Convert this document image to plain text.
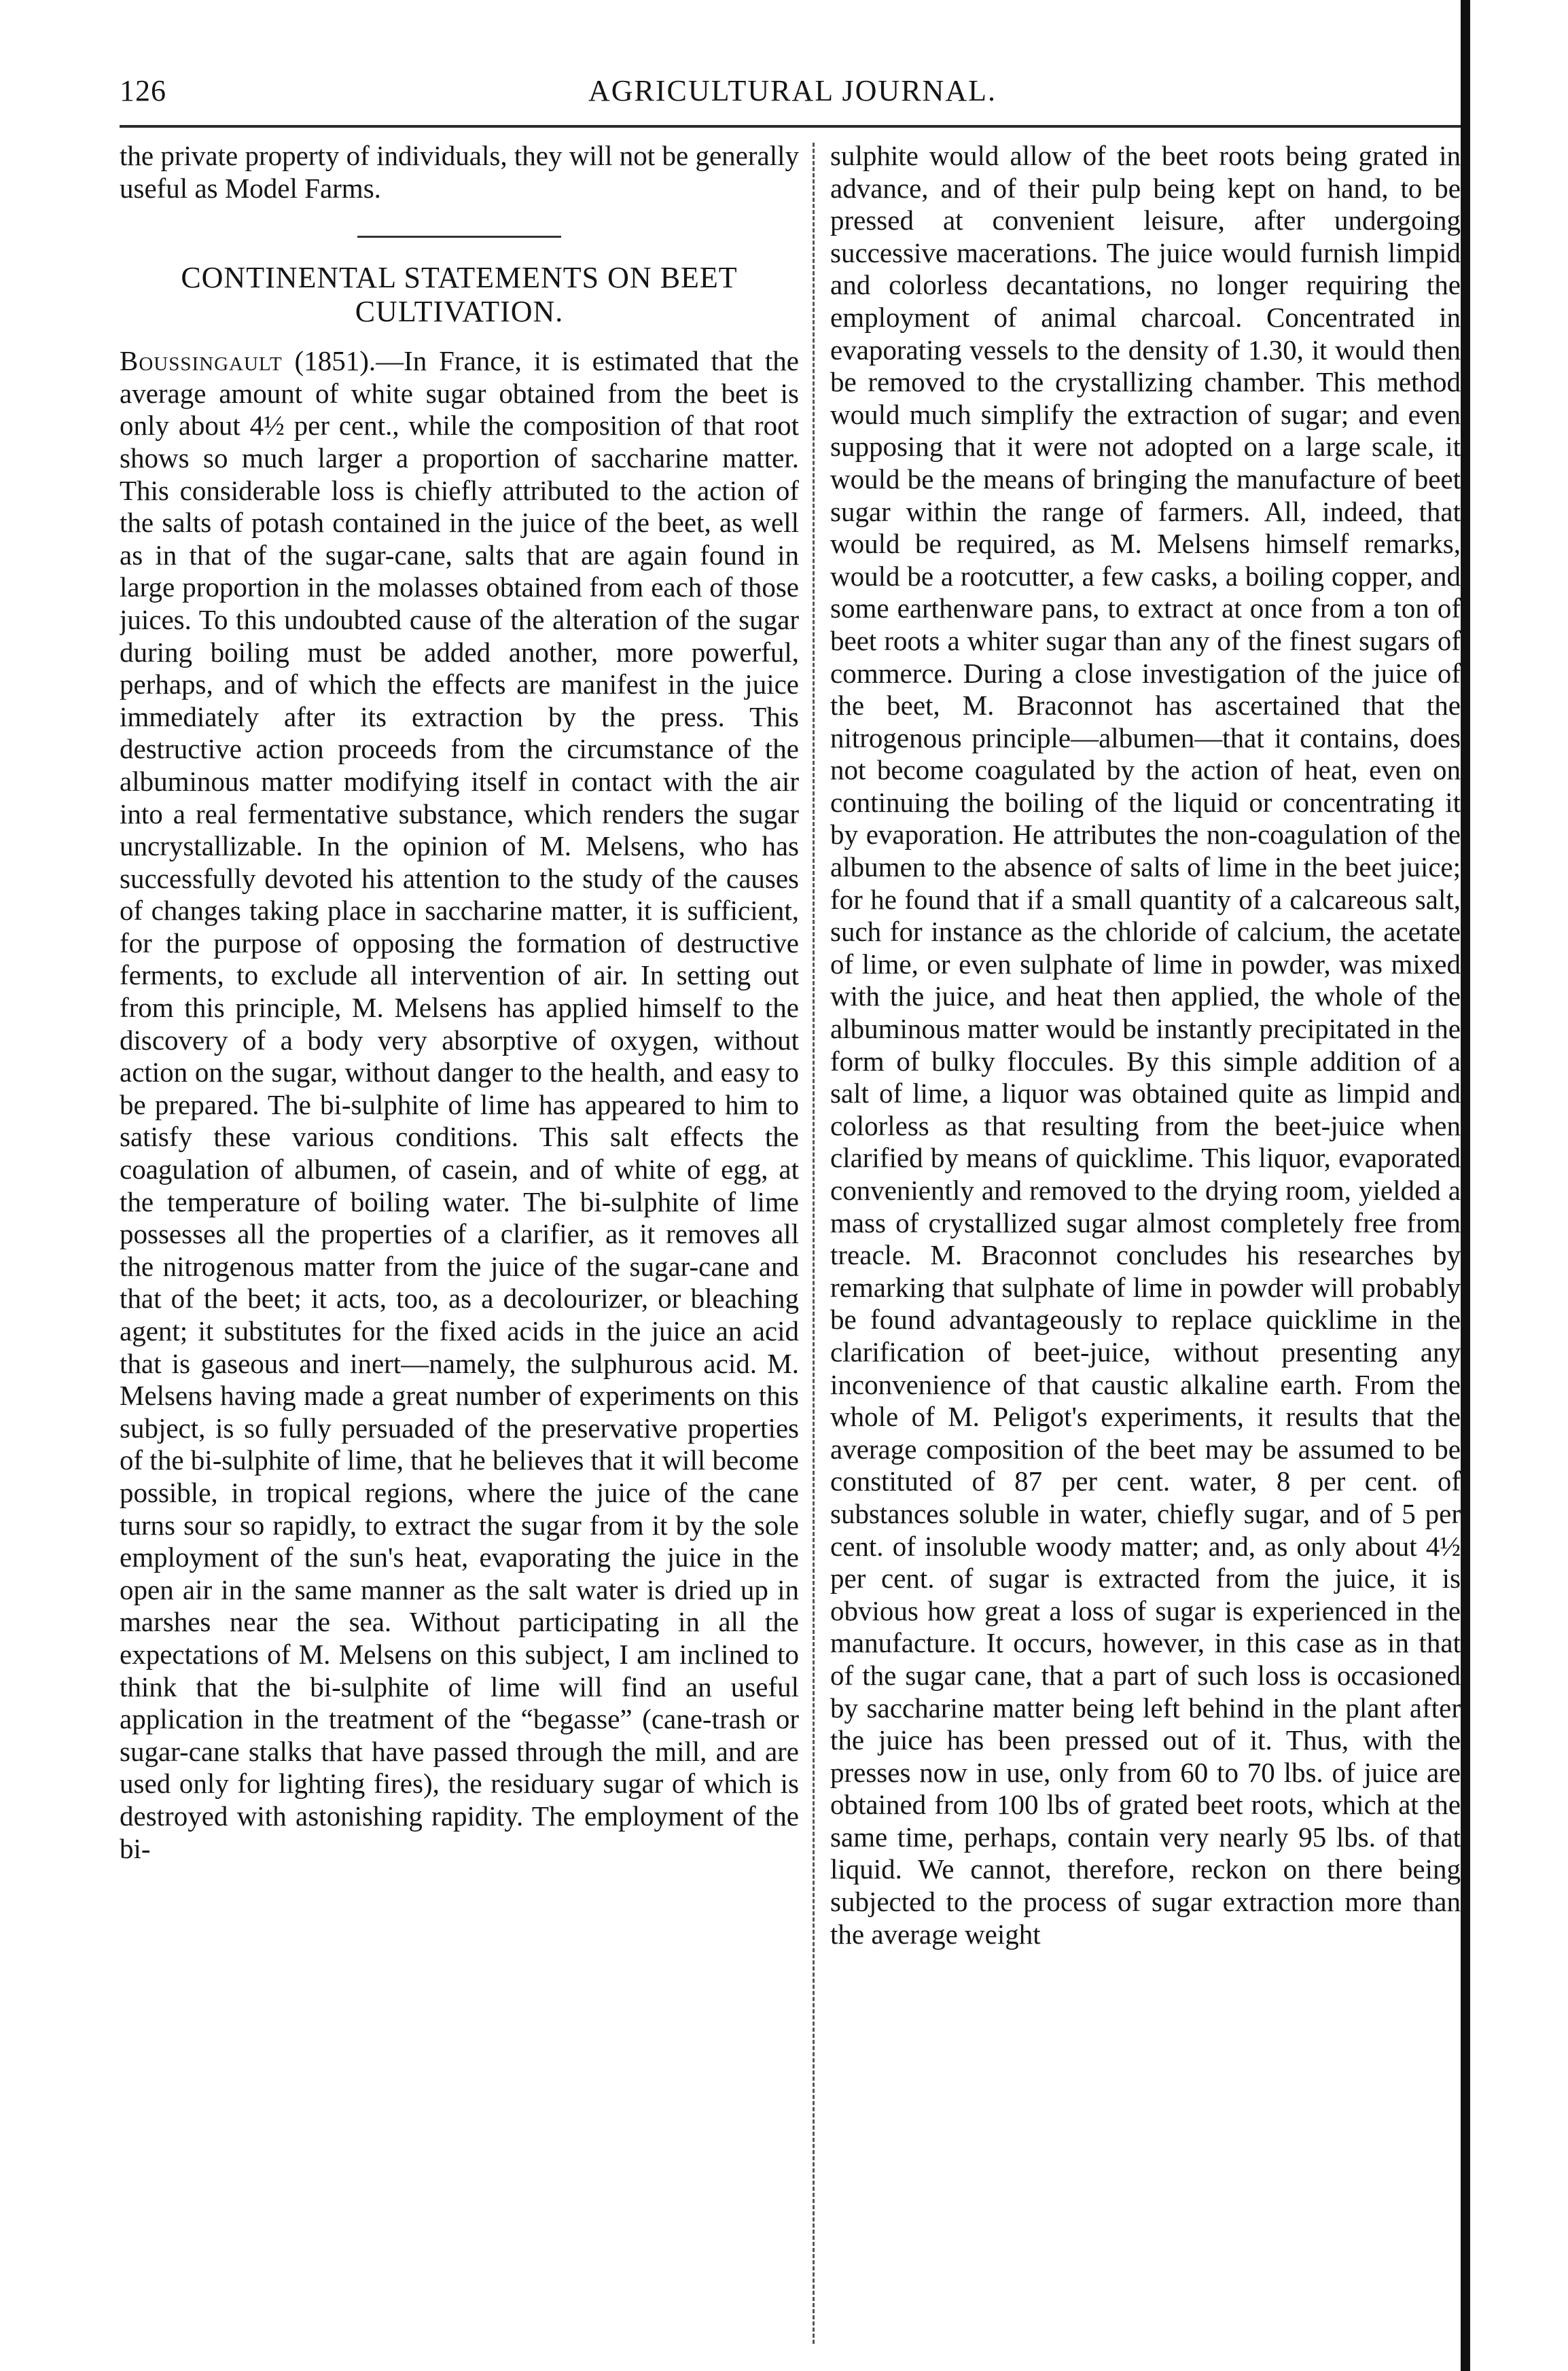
126	AGRICULTURAL JOURNAL.

the private property of individuals, they will not be generally useful as Model Farms.

CONTINENTAL STATEMENTS ON BEET CULTIVATION.

Boussingault (1851).—In France, it is estimated that the average amount of white sugar obtained from the beet is only about 4½ per cent., while the composition of that root shows so much larger a proportion of saccharine matter. This considerable loss is chiefly attributed to the action of the salts of potash contained in the juice of the beet, as well as in that of the sugar-cane, salts that are again found in large proportion in the molasses obtained from each of those juices. To this undoubted cause of the alteration of the sugar during boiling must be added another, more powerful, perhaps, and of which the effects are manifest in the juice immediately after its extraction by the press. This destructive action proceeds from the circumstance of the albuminous matter modifying itself in contact with the air into a real fermentative substance, which renders the sugar uncrystallizable. In the opinion of M. Melsens, who has successfully devoted his attention to the study of the causes of changes taking place in saccharine matter, it is sufficient, for the purpose of opposing the formation of destructive ferments, to exclude all intervention of air. In setting out from this principle, M. Melsens has applied himself to the discovery of a body very absorptive of oxygen, without action on the sugar, without danger to the health, and easy to be prepared. The bi-sulphite of lime has appeared to him to satisfy these various conditions. This salt effects the coagulation of albumen, of casein, and of white of egg, at the temperature of boiling water. The bi-sulphite of lime possesses all the properties of a clarifier, as it removes all the nitrogenous matter from the juice of the sugar-cane and that of the beet; it acts, too, as a decolourizer, or bleaching agent; it substitutes for the fixed acids in the juice an acid that is gaseous and inert—namely, the sulphurous acid. M. Melsens having made a great number of experiments on this subject, is so fully persuaded of the preservative properties of the bi-sulphite of lime, that he believes that it will become possible, in tropical regions, where the juice of the cane turns sour so rapidly, to extract the sugar from it by the sole employment of the sun's heat, evaporating the juice in the open air in the same manner as the salt water is dried up in marshes near the sea. Without participating in all the expectations of M. Melsens on this subject, I am inclined to think that the bi-sulphite of lime will find an useful application in the treatment of the “begasse” (cane-trash or sugar-cane stalks that have passed through the mill, and are used only for lighting fires), the residuary sugar of which is destroyed with astonishing rapidity. The employment of the bi-

sulphite would allow of the beet roots being grated in advance, and of their pulp being kept on hand, to be pressed at convenient leisure, after undergoing successive macerations. The juice would furnish limpid and colorless decantations, no longer requiring the employment of animal charcoal. Concentrated in evaporating vessels to the density of 1.30, it would then be removed to the crystallizing chamber. This method would much simplify the extraction of sugar; and even supposing that it were not adopted on a large scale, it would be the means of bringing the manufacture of beet sugar within the range of farmers. All, indeed, that would be required, as M. Melsens himself remarks, would be a rootcutter, a few casks, a boiling copper, and some earthenware pans, to extract at once from a ton of beet roots a whiter sugar than any of the finest sugars of commerce. During a close investigation of the juice of the beet, M. Braconnot has ascertained that the nitrogenous principle—albumen—that it contains, does not become coagulated by the action of heat, even on continuing the boiling of the liquid or concentrating it by evaporation. He attributes the non-coagulation of the albumen to the absence of salts of lime in the beet juice; for he found that if a small quantity of a calcareous salt, such for instance as the chloride of calcium, the acetate of lime, or even sulphate of lime in powder, was mixed with the juice, and heat then applied, the whole of the albuminous matter would be instantly precipitated in the form of bulky floccules. By this simple addition of a salt of lime, a liquor was obtained quite as limpid and colorless as that resulting from the beet-juice when clarified by means of quicklime. This liquor, evaporated conveniently and removed to the drying room, yielded a mass of crystallized sugar almost completely free from treacle. M. Braconnot concludes his researches by remarking that sulphate of lime in powder will probably be found advantageously to replace quicklime in the clarification of beet-juice, without presenting any inconvenience of that caustic alkaline earth. From the whole of M. Peligot's experiments, it results that the average composition of the beet may be assumed to be constituted of 87 per cent. water, 8 per cent. of substances soluble in water, chiefly sugar, and of 5 per cent. of insoluble woody matter; and, as only about 4½ per cent. of sugar is extracted from the juice, it is obvious how great a loss of sugar is experienced in the manufacture. It occurs, however, in this case as in that of the sugar cane, that a part of such loss is occasioned by saccharine matter being left behind in the plant after the juice has been pressed out of it. Thus, with the presses now in use, only from 60 to 70 lbs. of juice are obtained from 100 lbs of grated beet roots, which at the same time, perhaps, contain very nearly 95 lbs. of that liquid. We cannot, therefore, reckon on there being subjected to the process of sugar extraction more than the average weight
